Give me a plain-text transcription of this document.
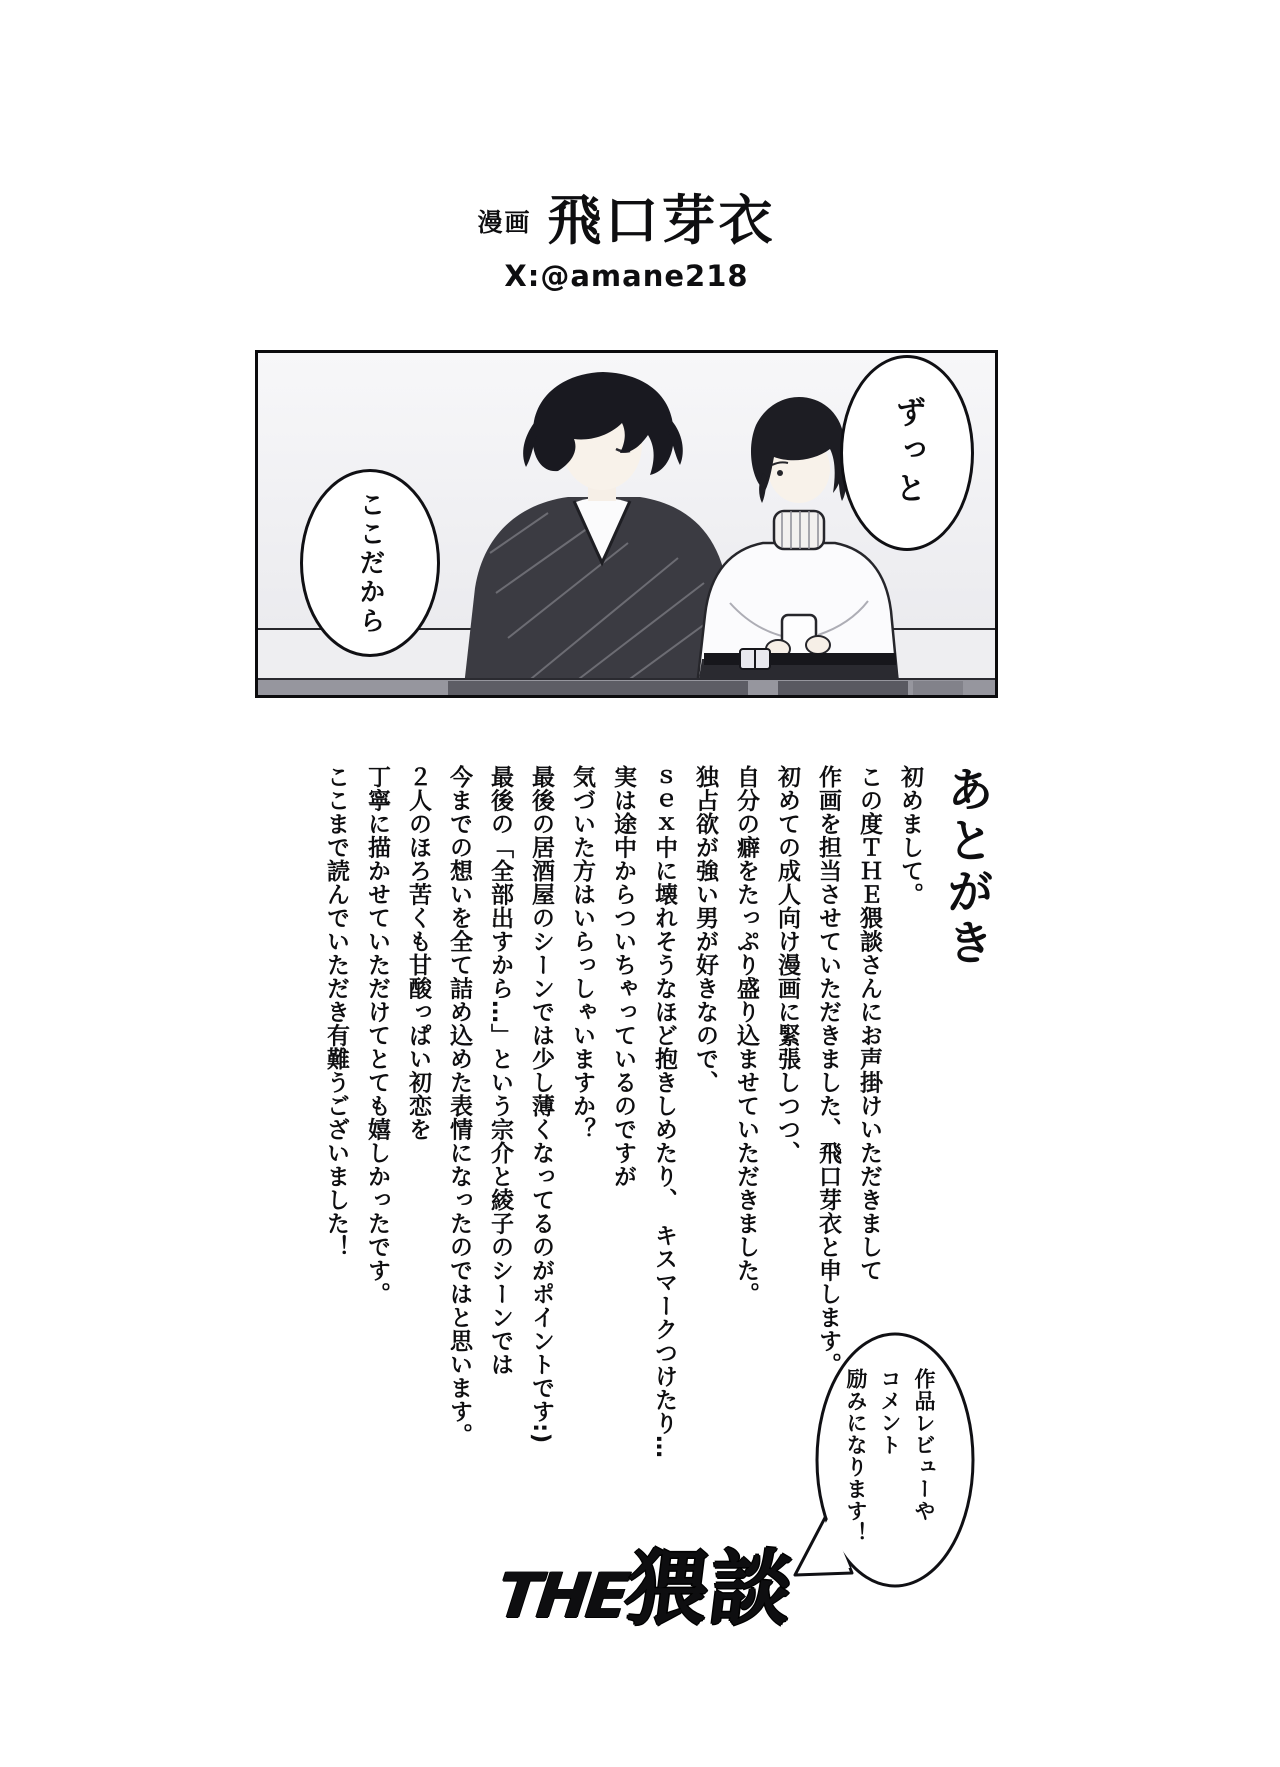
漫画 飛口芽衣
X:@amane218
ずっと
ここだから
あとがき

初めまして。

この度ＴＨＥ猥談さんにお声掛けいただきまして

作画を担当させていただきました、飛口芽衣と申します。

初めての成人向け漫画に緊張しつつ、

自分の癖をたっぷり盛り込ませていただきました。

独占欲が強い男が好きなので、

ｓｅｘ中に壊れそうなほど抱きしめたり、　キスマークつけたり…

実は途中からついちゃっているのですが

気づいた方はいらっしゃいますか？

最後の居酒屋のシーンでは少し薄くなってるのがポイントです:)

最後の「全部出すから…」という宗介と綾子のシーンでは

今までの想いを全て詰め込めた表情になったのではと思います。

２人のほろ苦くも甘酸っぱい初恋を

丁寧に描かせていただけてとても嬉しかったです。

ここまで読んでいただき有難うございました！

THE猥談

作品レビューや

コメント

励みになります！
